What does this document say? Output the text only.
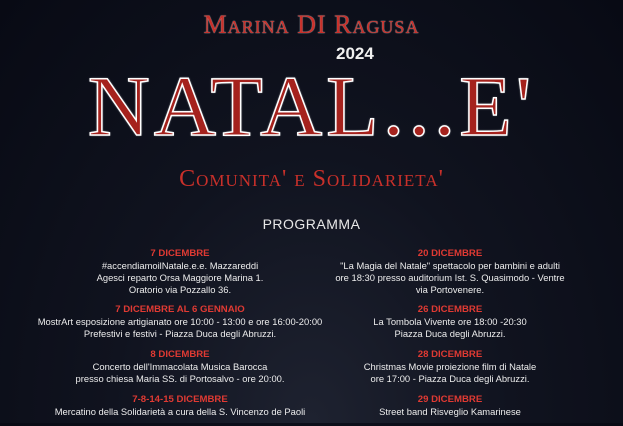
Marina DI Ragusa
2024
NATAL...E'
Comunita' e Solidarieta'
PROGRAMMA
7 DICEMBRE
#accendiamoilNatale.e.e. Mazzareddi
Agesci reparto Orsa Maggiore Marina 1.
Oratorio via Pozzallo 36.
7 DICEMBRE AL 6 GENNAIO
MostrArt esposizione artigianato ore 10:00 - 13:00 e ore 16:00-20:00
Prefestivi e festivi - Piazza Duca degli Abruzzi.
8 DICEMBRE
Concerto dell'Immacolata Musica Barocca
presso chiesa Maria SS. di Portosalvo - ore 20:00.
7-8-14-15 DICEMBRE
Mercatino della Solidarietà a cura della S. Vincenzo de Paoli
20 DICEMBRE
"La Magia del Natale" spettacolo per bambini e adulti
ore 18:30 presso auditorium Ist. S. Quasimodo - Ventre
via Portovenere.
26 DICEMBRE
La Tombola Vivente ore 18:00 -20:30
Piazza Duca degli Abruzzi.
28 DICEMBRE
Christmas Movie proiezione film di Natale
ore 17:00 - Piazza Duca degli Abruzzi.
29 DICEMBRE
Street band Risveglio Kamarinese
